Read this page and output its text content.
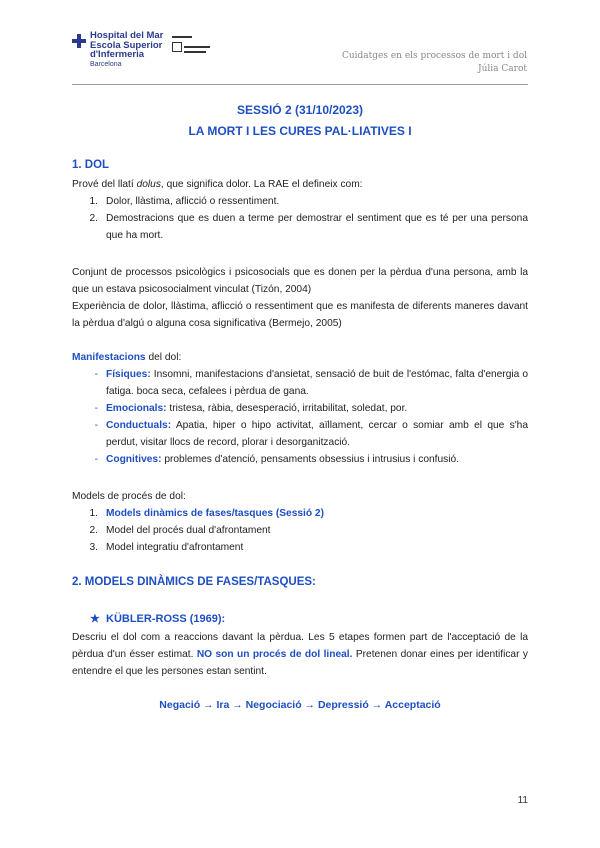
Hospital del Mar
Escola Superior
d'Infermeria
Barcelona
Cuidatges en els processos de mort i dol
Júlia Carot
SESSIÓ 2 (31/10/2023)
LA MORT I LES CURES PAL·LIATIVES I
1. DOL
Prové del llatí dolus, que significa dolor. La RAE el defineix com:
1. Dolor, llàstima, aflicció o ressentiment.
2. Demostracions que es duen a terme per demostrar el sentiment que es té per una persona que ha mort.
Conjunt de processos psicològics i psicosocials que es donen per la pèrdua d'una persona, amb la que un estava psicosocialment vinculat (Tizón, 2004)
Experiència de dolor, llàstima, aflicció o ressentiment que es manifesta de diferents maneres davant la pèrdua d'algú o alguna cosa significativa (Bermejo, 2005)
Manifestacions del dol:
- Físiques: Insomni, manifestacions d'ansietat, sensació de buit de l'estómac, falta d'energia o fatiga. boca seca, cefalees i pèrdua de gana.
- Emocionals: tristesa, ràbia, desesperació, irritabilitat, soledat, por.
- Conductuals: Apatia, hiper o hipo activitat, aïllament, cercar o somiar amb el que s'ha perdut, visitar llocs de record, plorar i desorganització.
- Cognitives: problemes d'atenció, pensaments obsessius i intrusius i confusió.
Models de procés de dol:
1. Models dinàmics de fases/tasques (Sessió 2)
2. Model del procés dual d'afrontament
3. Model integratiu d'afrontament
2. MODELS DINÀMICS DE FASES/TASQUES:
★ KÜBLER-ROSS (1969):
Descriu el dol com a reaccions davant la pèrdua. Les 5 etapes formen part de l'acceptació de la pèrdua d'un ésser estimat. NO son un procés de dol lineal. Pretenen donar eines per identificar y entendre el que les persones estan sentint.
Negació → Ira → Negociació → Depressió → Acceptació
11
